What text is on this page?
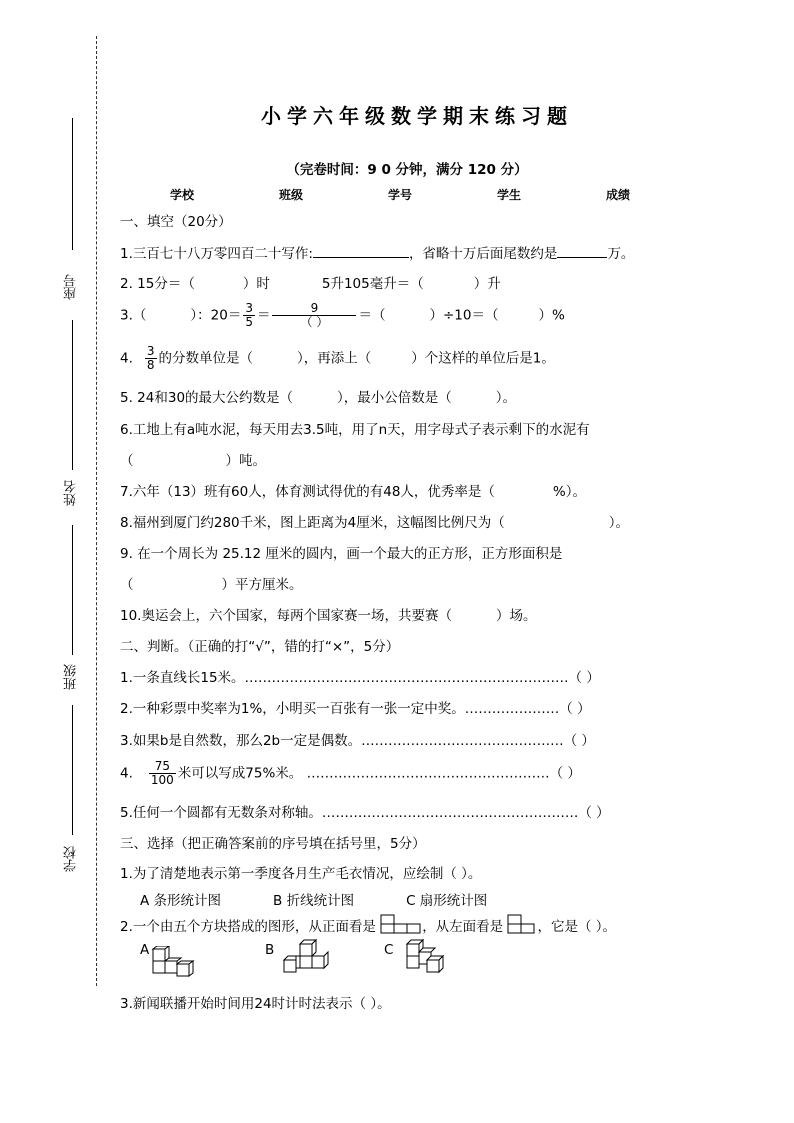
座号
姓名
班级
学校
小学六年级数学期末练习题
（完卷时间：9 0 分钟，满分 120 分）
学校	班级	学号	学生	成绩
一、填空（20分）
1.三百七十八万零四百二十写作:	，省略十万后面尾数约是	万。
2. 15分＝（	）时	5升105毫升＝（	）升
3.（	）：$20= \frac{3}{5} = \frac{9}{( )}$ ＝（	）÷10＝（	）%
4. $\frac{3}{8}$ 的分数单位是（	），再添上（	）个这样的单位后是1。
5. 24和30的最大公约数是（	），最小公倍数是（	）。
6.工地上有a吨水泥，每天用去3.5吨，用了n天，用字母式子表示剩下的水泥有
（	）吨。
7.六年（13）班有60人，体育测试得优的有48人，优秀率是（	%）。
8.福州到厦门约280千米，图上距离为4厘米，这幅图比例尺为（	）。
9. 在一个周长为 25.12 厘米的圆内，画一个最大的正方形，正方形面积是
（	）平方厘米。
10.奥运会上，六个国家，每两个国家赛一场，共要赛（	）场。
二、判断。（正确的打“√”，错的打“×”，5分）
1.一条直线长15米。………………………………………………………………（ ）
2.一种彩票中奖率为1%，小明买一百张有一张一定中奖。…………………（ ）
3.如果b是自然数，那么2b一定是偶数。………………………………………（ ）
4. $\frac{75}{100}$ 米可以写成75%米。 ………………………………………………（ ）
5.任何一个圆都有无数条对称轴。…………………………………………………（ ）
三、选择（把正确答案前的序号填在括号里，5分）
1.为了清楚地表示第一季度各月生产毛衣情况，应绘制（ ）。
A 条形统计图	B 折线统计图	C 扇形统计图
2.一个由五个方块搭成的图形，从正面看是	，从左面看是	，它是（ ）。
A	B	C
3.新闻联播开始时间用24时计时法表示（ ）。
